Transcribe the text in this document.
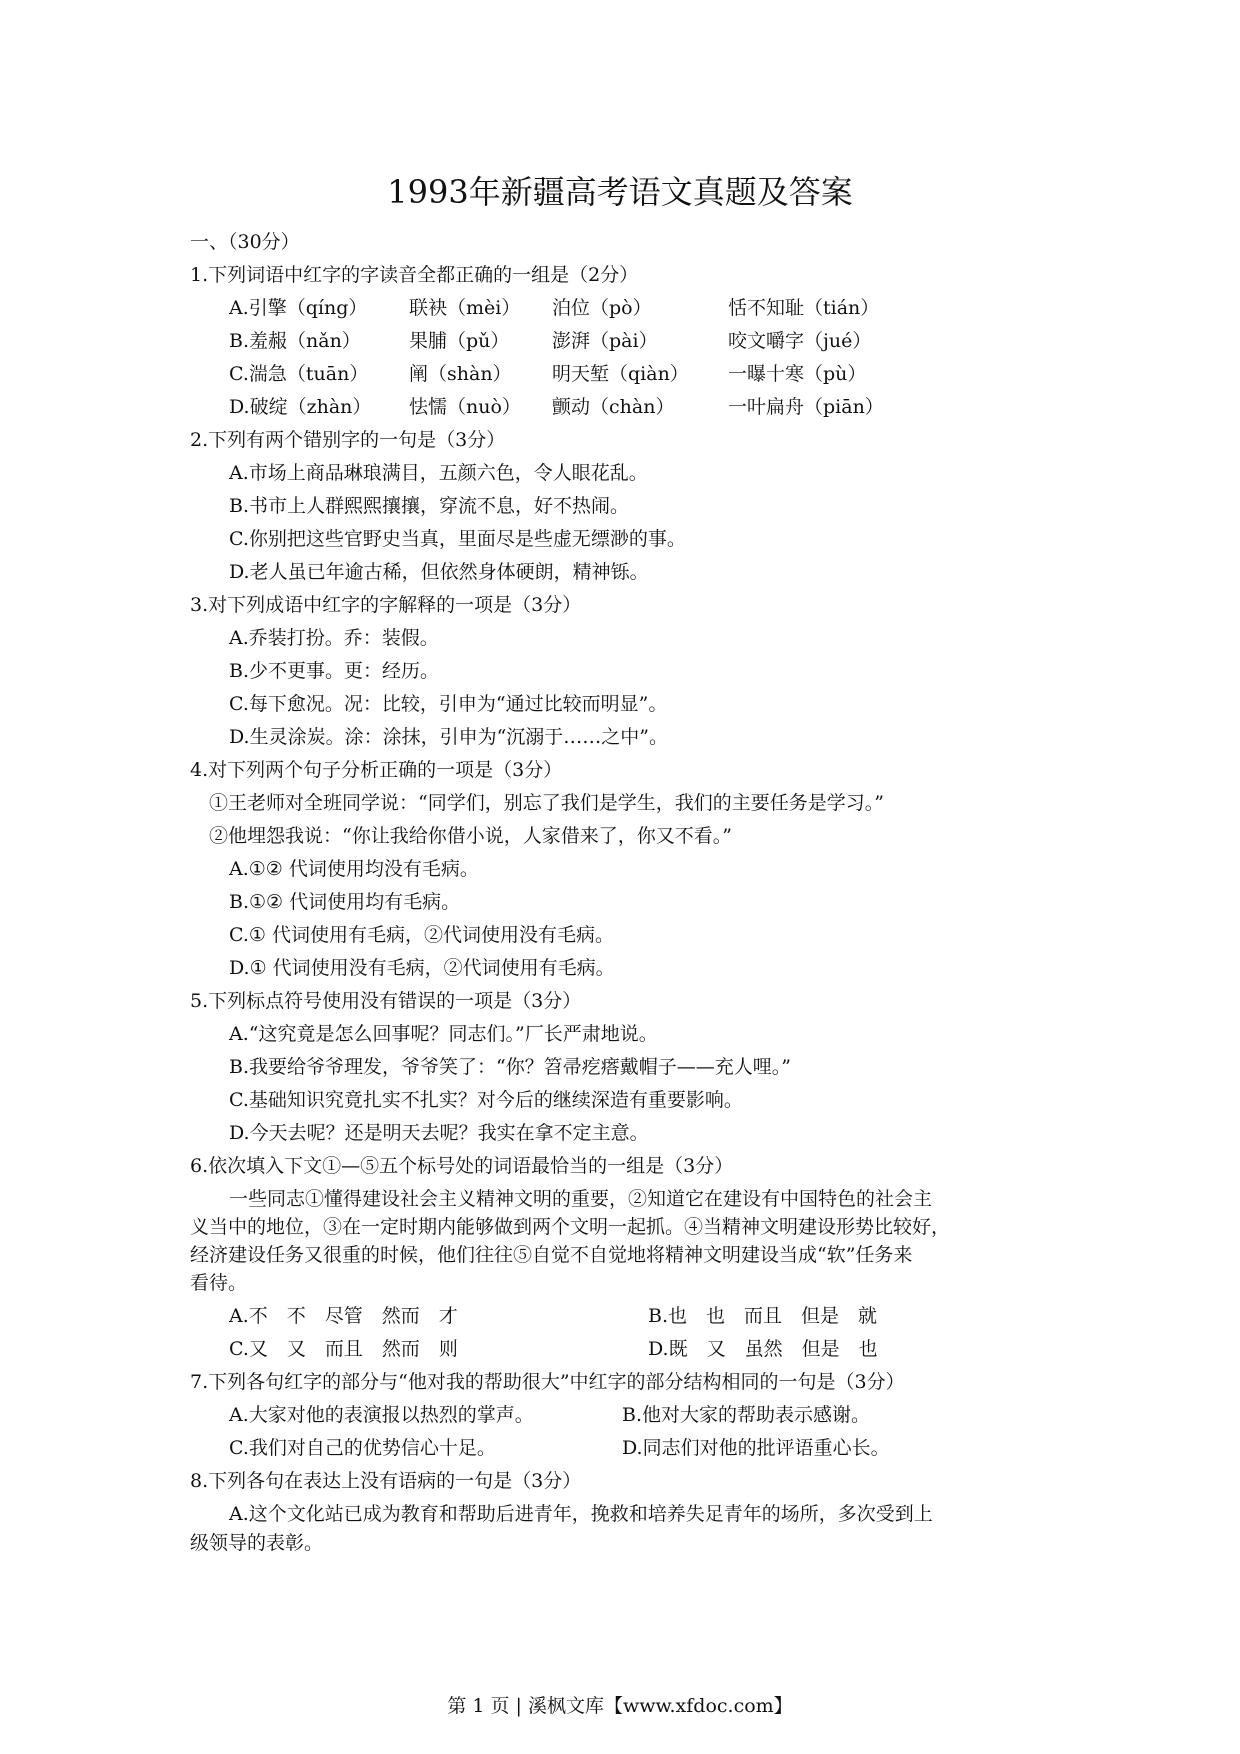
1993年新疆高考语文真题及答案
一、（30分）
1.下列词语中红字的字读音全都正确的一组是（2分）
A.引擎（qíng） 联袂（mèi） 泊位（pò）	恬不知耻（tián）
B.羞赧（nǎn）	果脯（pǔ） 澎湃（pài）	咬文嚼字（jué）
C.湍急（tuān） 阐（shàn） 明天堑（qiàn） 一曝十寒（pù）
D.破绽（zhàn） 怯懦（nuò） 颤动（chàn）	一叶扁舟（piān）
2.下列有两个错别字的一句是（3分）
A.市场上商品琳琅满目，五颜六色，令人眼花乱。
B.书市上人群熙熙攘攘，穿流不息，好不热闹。
C.你别把这些官野史当真，里面尽是些虚无缥渺的事。
D.老人虽已年逾古稀，但依然身体硬朗，精神铄。
3.对下列成语中红字的字解释的一项是（3分）
A.乔装打扮。乔：装假。
B.少不更事。更：经历。
C.每下愈况。况：比较，引申为“通过比较而明显”。
D.生灵涂炭。涂：涂抹，引申为“沉溺于……之中”。
4.对下列两个句子分析正确的一项是（3分）
①王老师对全班同学说：“同学们，别忘了我们是学生，我们的主要任务是学习。”
②他埋怨我说：“你让我给你借小说，人家借来了，你又不看。”
A.①② 代词使用均没有毛病。
B.①② 代词使用均有毛病。
C.① 代词使用有毛病，②代词使用没有毛病。
D.① 代词使用没有毛病，②代词使用有毛病。
5.下列标点符号使用没有错误的一项是（3分）
A.“这究竟是怎么回事呢？同志们。”厂长严肃地说。
B.我要给爷爷理发，爷爷笑了：“你？笤帚疙瘩戴帽子——充人哩。”
C.基础知识究竟扎实不扎实？对今后的继续深造有重要影响。
D.今天去呢？还是明天去呢？我实在拿不定主意。
6.依次填入下文①—⑤五个标号处的词语最恰当的一组是（3分）
一些同志①懂得建设社会主义精神文明的重要，②知道它在建设有中国特色的社会主
义当中的地位，③在一定时期内能够做到两个文明一起抓。④当精神文明建设形势比较好，
经济建设任务又很重的时候，他们往往⑤自觉不自觉地将精神文明建设当成“软”任务来
看待。
A.不　不　尽管　然而　才	B.也　也　而且　但是　就
C.又　又　而且　然而　则	D.既　又　虽然　但是　也
7.下列各句红字的部分与“他对我的帮助很大”中红字的部分结构相同的一句是（3分）
A.大家对他的表演报以热烈的掌声。	B.他对大家的帮助表示感谢。
C.我们对自己的优势信心十足。	D.同志们对他的批评语重心长。
8.下列各句在表达上没有语病的一句是（3分）
A.这个文化站已成为教育和帮助后进青年，挽救和培养失足青年的场所，多次受到上
级领导的表彰。
第 1 页 | 溪枫文库【www.xfdoc.com】
